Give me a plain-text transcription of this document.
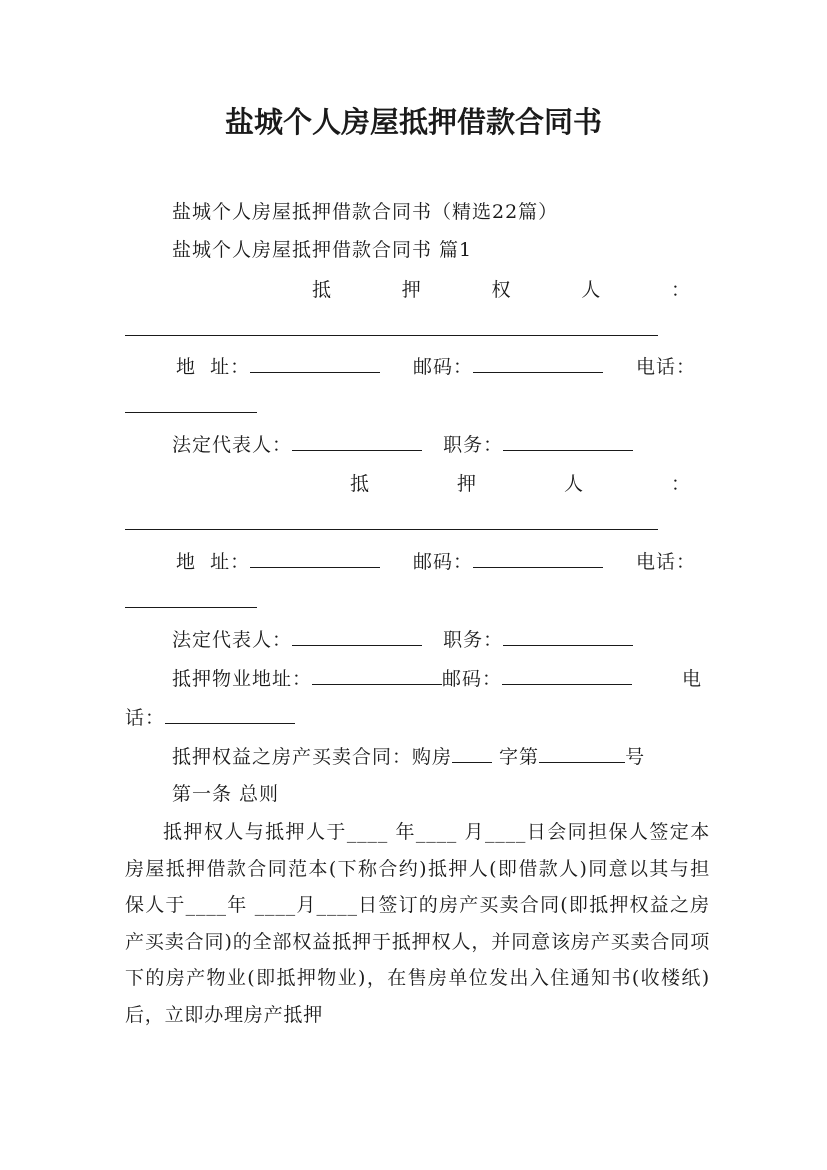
盐城个人房屋抵押借款合同书
盐城个人房屋抵押借款合同书（精选22篇）
盐城个人房屋抵押借款合同书 篇1
抵	押	权	人	：
地  址：	邮码：	电话：
法定代表人：	职务：
抵	押	人	：
地  址：	邮码：	电话：
法定代表人：	职务：
抵押物业地址：	邮码：	电
话：
抵押权益之房产买卖合同：购房 字第	号
第一条 总则
抵押权人与抵押人于____ 年____ 月____日会同担保人签定本房屋抵押借款合同范本(下称合约)抵押人(即借款人)同意以其与担保人于____年 ____月____日签订的房产买卖合同(即抵押权益之房产买卖合同)的全部权益抵押于抵押权人，并同意该房产买卖合同项下的房产物业(即抵押物业)，在售房单位发出入住通知书(收楼纸)后，立即办理房产抵押
